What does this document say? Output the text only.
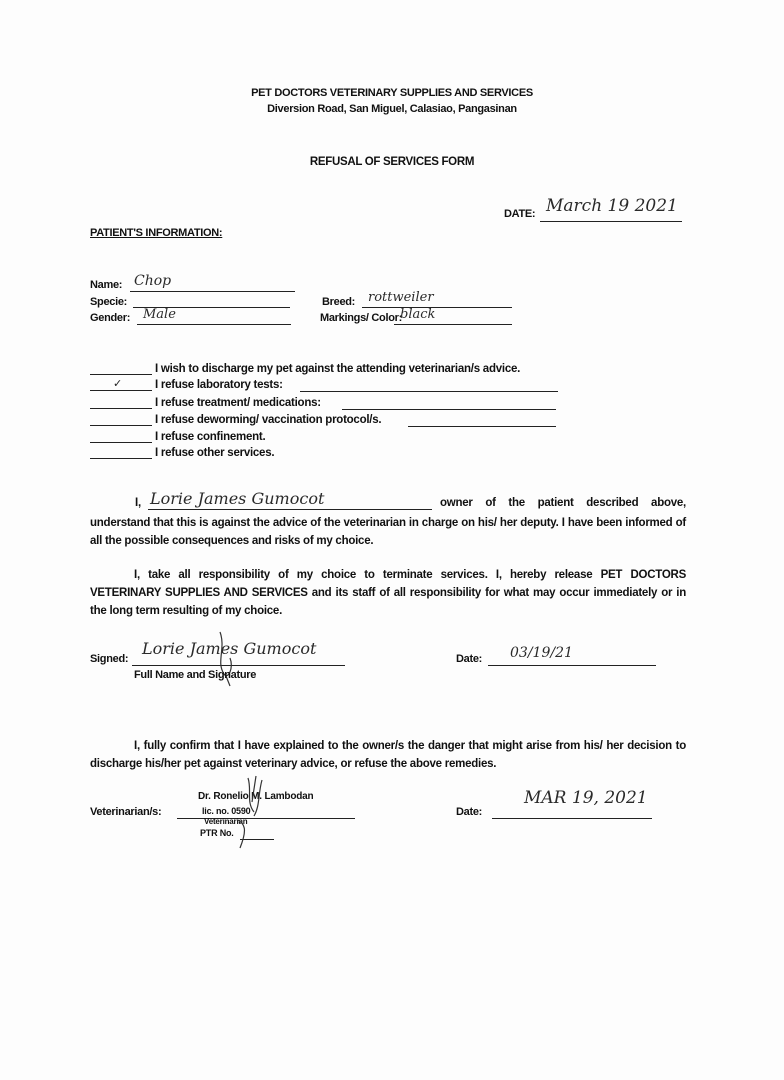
PET DOCTORS VETERINARY SUPPLIES AND SERVICES
Diversion Road, San Miguel, Calasiao, Pangasinan
REFUSAL OF SERVICES FORM
DATE: March 19 2021
PATIENT'S INFORMATION:
Name: Chop
Specie:
Gender: Male
Breed: rottweiler
Markings/ Color:
black
I wish to discharge my pet against the attending veterinarian/s advice.
I refuse laboratory tests:
✓
I refuse treatment/ medications:
I refuse deworming/ vaccination protocol/s.
I refuse confinement.
I refuse other services.
I, Lorie James Gumocot	owner of the patient described above,
understand that this is against the advice of the veterinarian in charge on his/ her deputy. I have been informed of all the possible consequences and risks of my choice.
I, take all responsibility of my choice to terminate services. I, hereby release PET DOCTORS VETERINARY SUPPLIES AND SERVICES and its staff of all responsibility for what may occur immediately or in the long term resulting of my choice.
Signed:
Lorie James Gumocot
Full Name and Signature
Date: 03/19/21
I, fully confirm that I have explained to the owner/s the danger that might arise from his/ her decision to discharge his/her pet against veterinary advice, or refuse the above remedies.
Veterinarian/s:
Dr. Ronelio M. Lambodan
lic. no. 0590
Veterinarian
PTR No.
Date:
MAR 19, 2021
